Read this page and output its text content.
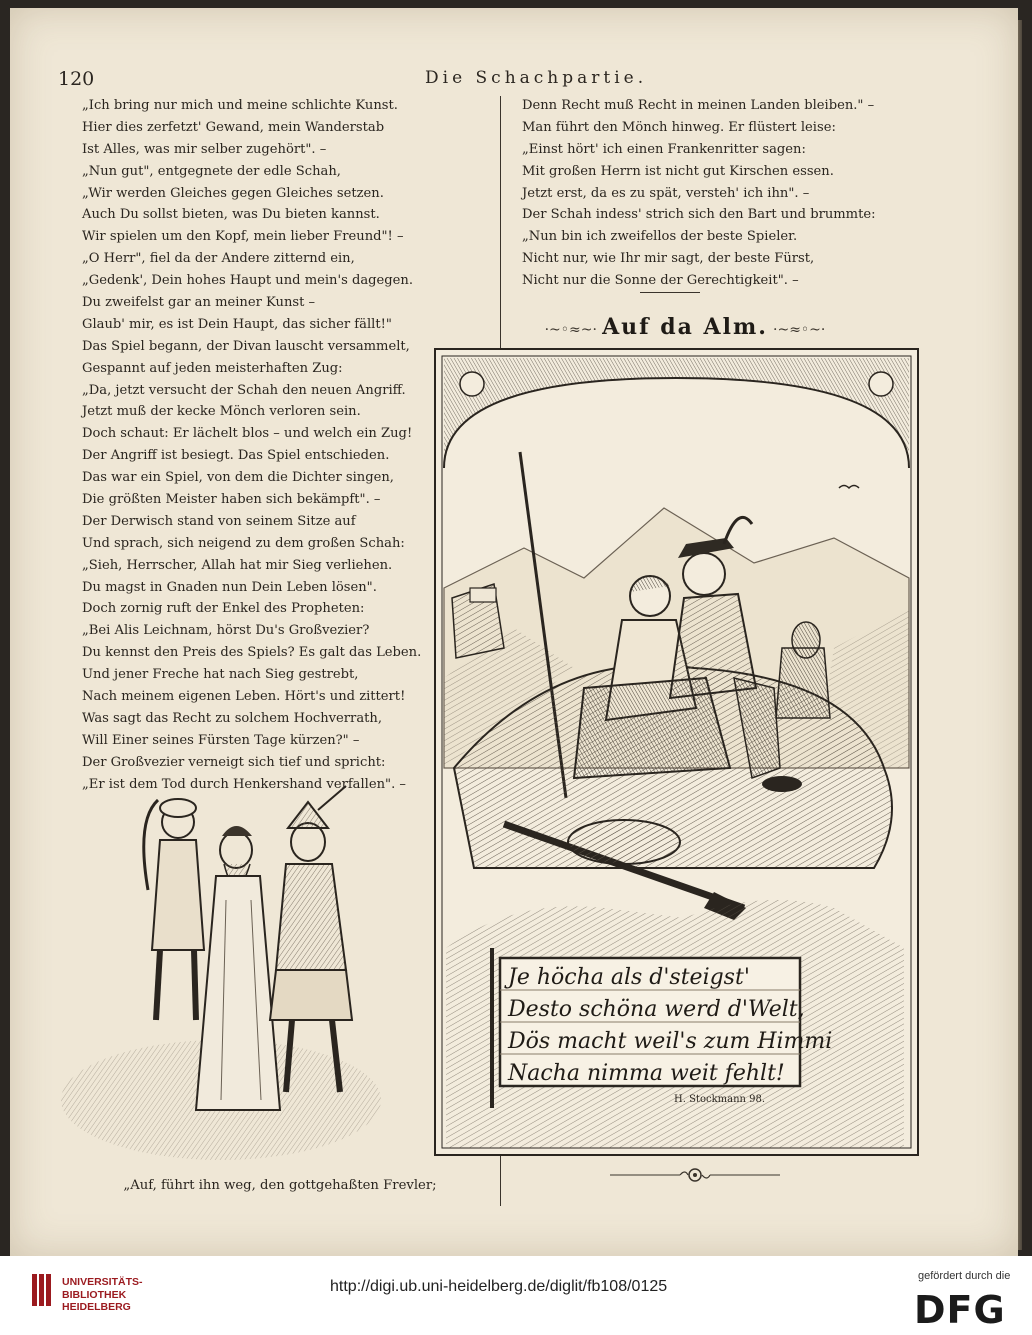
120	Die Schachpartie.
„Ich bring nur mich und meine schlichte Kunst.
Hier dies zerfetzt' Gewand, mein Wanderstab
Ist Alles, was mir selber zugehört". –
„Nun gut", entgegnete der edle Schah,
„Wir werden Gleiches gegen Gleiches setzen.
Auch Du sollst bieten, was Du bieten kannst.
Wir spielen um den Kopf, mein lieber Freund"! –
„O Herr", fiel da der Andere zitternd ein,
„Gedenk', Dein hohes Haupt und mein's dagegen.
Du zweifelst gar an meiner Kunst –
Glaub' mir, es ist Dein Haupt, das sicher fällt!"
Das Spiel begann, der Divan lauscht versammelt,
Gespannt auf jeden meisterhaften Zug:
„Da, jetzt versucht der Schah den neuen Angriff.
Jetzt muß der kecke Mönch verloren sein.
Doch schaut: Er lächelt blos – und welch ein Zug!
Der Angriff ist besiegt. Das Spiel entschieden.
Das war ein Spiel, von dem die Dichter singen,
Die größten Meister haben sich bekämpft". –
Der Derwisch stand von seinem Sitze auf
Und sprach, sich neigend zu dem großen Schah:
„Sieh, Herrscher, Allah hat mir Sieg verliehen.
Du magst in Gnaden nun Dein Leben lösen".
Doch zornig ruft der Enkel des Propheten:
„Bei Alis Leichnam, hörst Du's Großvezier?
Du kennst den Preis des Spiels? Es galt das Leben.
Und jener Freche hat nach Sieg gestrebt,
Nach meinem eigenen Leben. Hört's und zittert!
Was sagt das Recht zu solchem Hochverrath,
Will Einer seines Fürsten Tage kürzen?" –
Der Großvezier verneigt sich tief und spricht:
„Er ist dem Tod durch Henkershand verfallen". –
Denn Recht muß Recht in meinen Landen bleiben." –
Man führt den Mönch hinweg. Er flüstert leise:
„Einst hört' ich einen Frankenritter sagen:
Mit großen Herrn ist nicht gut Kirschen essen.
Jetzt erst, da es zu spät, versteh' ich ihn". –
Der Schah indess' strich sich den Bart und brummte:
„Nun bin ich zweifellos der beste Spieler.
Nicht nur, wie Ihr mir sagt, der beste Fürst,
Nicht nur die Sonne der Gerechtigkeit". –
·~◦≈~· Auf da Alm. ·~≈◦~·
„Auf, führt ihn weg, den gottgehaßten Frevler;
Je höcha als d'steigst'
Desto schöna werd d'Welt,
Dös macht weil's zum Himmi
Nacha nimma weit fehlt!
H. Stockmann 98.
UNIVERSITÄTS-
BIBLIOTHEK
HEIDELBERG
http://digi.ub.uni-heidelberg.de/diglit/fb108/0125
gefördert durch die
DFG
